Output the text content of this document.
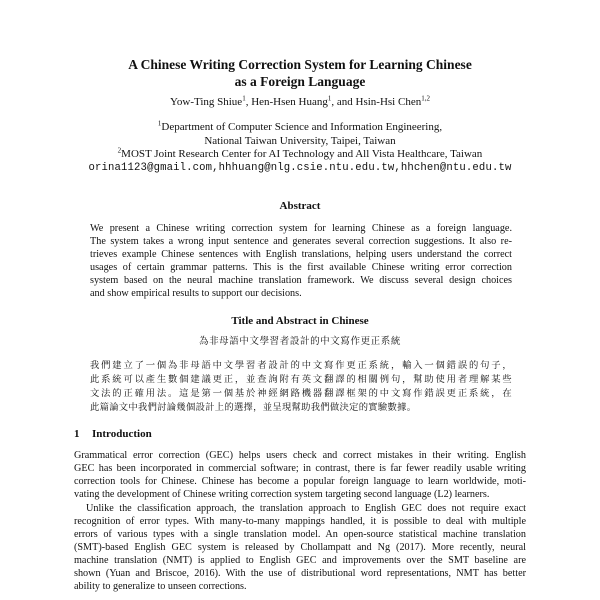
A Chinese Writing Correction System for Learning Chinese
as a Foreign Language
Yow-Ting Shiue$^1$, Hen-Hsen Huang$^1$, and Hsin-Hsi Chen$^{1,2}$
$^1$Department of Computer Science and Information Engineering,
National Taiwan University, Taipei, Taiwan
$^2$MOST Joint Research Center for AI Technology and All Vista Healthcare, Taiwan
orina1123@gmail.com,hhhuang@nlg.csie.ntu.edu.tw,hhchen@ntu.edu.tw
Abstract
We present a Chinese writing correction system for learning Chinese as a foreign language.
The system takes a wrong input sentence and generates several correction suggestions. It also re-
trieves example Chinese sentences with English translations, helping users understand the correct
usages of certain grammar patterns. This is the first available Chinese writing error correction
system based on the neural machine translation framework. We discuss several design choices
and show empirical results to support our decisions.
Title and Abstract in Chinese
為非母語中文學習者設計的中文寫作更正系統
我們建立了一個為非母語中文學習者設計的中文寫作更正系統，輸入一個錯誤的句子，
此系統可以產生數個建議更正，並查詢附有英文翻譯的相關例句，幫助使用者理解某些
文法的正確用法。這是第一個基於神經網路機器翻譯框架的中文寫作錯誤更正系統，在
此篇論文中我們討論幾個設計上的選擇，並呈現幫助我們做決定的實驗數據。
1 Introduction
Grammatical error correction (GEC) helps users check and correct mistakes in their writing. English
GEC has been incorporated in commercial software; in contrast, there is far fewer readily usable writing
correction tools for Chinese. Chinese has become a popular foreign language to learn worldwide, moti-
vating the development of Chinese writing correction system targeting second language (L2) learners.
Unlike the classification approach, the translation approach to English GEC does not require exact
recognition of error types. With many-to-many mappings handled, it is possible to deal with multiple
errors of various types with a single translation model. An open-source statistical machine translation
(SMT)-based English GEC system is released by Chollampatt and Ng (2017). More recently, neural
machine translation (NMT) is applied to English GEC and improvements over the SMT baseline are
shown (Yuan and Briscoe, 2016). With the use of distributional word representations, NMT has better
ability to generalize to unseen corrections.
